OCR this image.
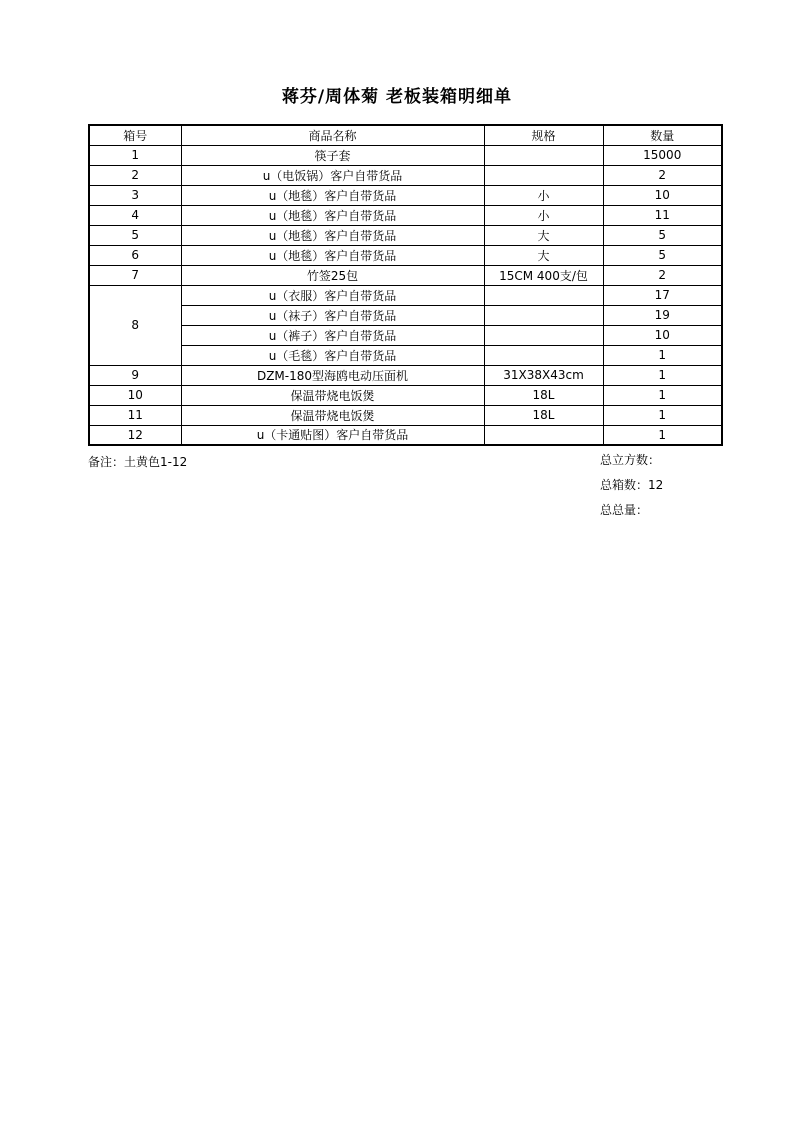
蒋芬/周体菊 老板装箱明细单
箱号	商品名称	规格	数量
1	筷子套		15000
2	u（电饭锅）客户自带货品		2
3	u（地毯）客户自带货品	小	10
4	u（地毯）客户自带货品	小	11
5	u（地毯）客户自带货品	大	5
6	u（地毯）客户自带货品	大	5
7	竹签25包	15CM 400支/包	2
8	u（衣服）客户自带货品		17
	u（袜子）客户自带货品		19
	u（裤子）客户自带货品		10
	u（毛毯）客户自带货品		1
9	DZM-180型海鸥电动压面机	31X38X43cm	1
10	保温带烧电饭煲	18L	1
11	保温带烧电饭煲	18L	1
12	u（卡通贴图）客户自带货品		1
备注：土黄色1-12	总立方数：
总箱数：12
总总量：
